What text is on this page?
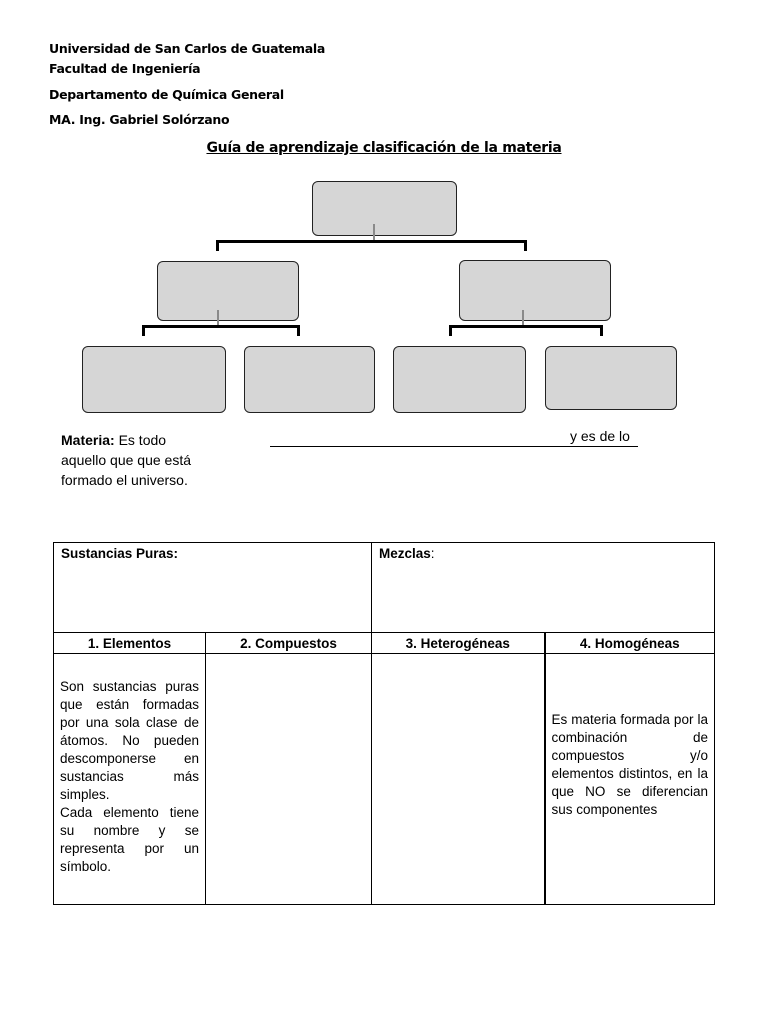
Universidad de San Carlos de Guatemala
Facultad de Ingeniería
Departamento de Química General
MA. Ing. Gabriel Solórzano
Guía de aprendizaje clasificación de la materia
Materia: Es todo aquello que que está formado el universo.
y es de lo
Sustancias Puras:		Mezclas:	
1. Elementos	2. Compuestos	3. Heterogéneas	4. Homogéneas

Son sustancias puras que están formadas por una sola clase de átomos. No pueden descomponerse en sustancias más simples.
Cada elemento tiene su nombre y se representa por un símbolo.			Es materia formada por la combinación de compuestos y/o elementos distintos, en la que NO se diferencian sus componentes
